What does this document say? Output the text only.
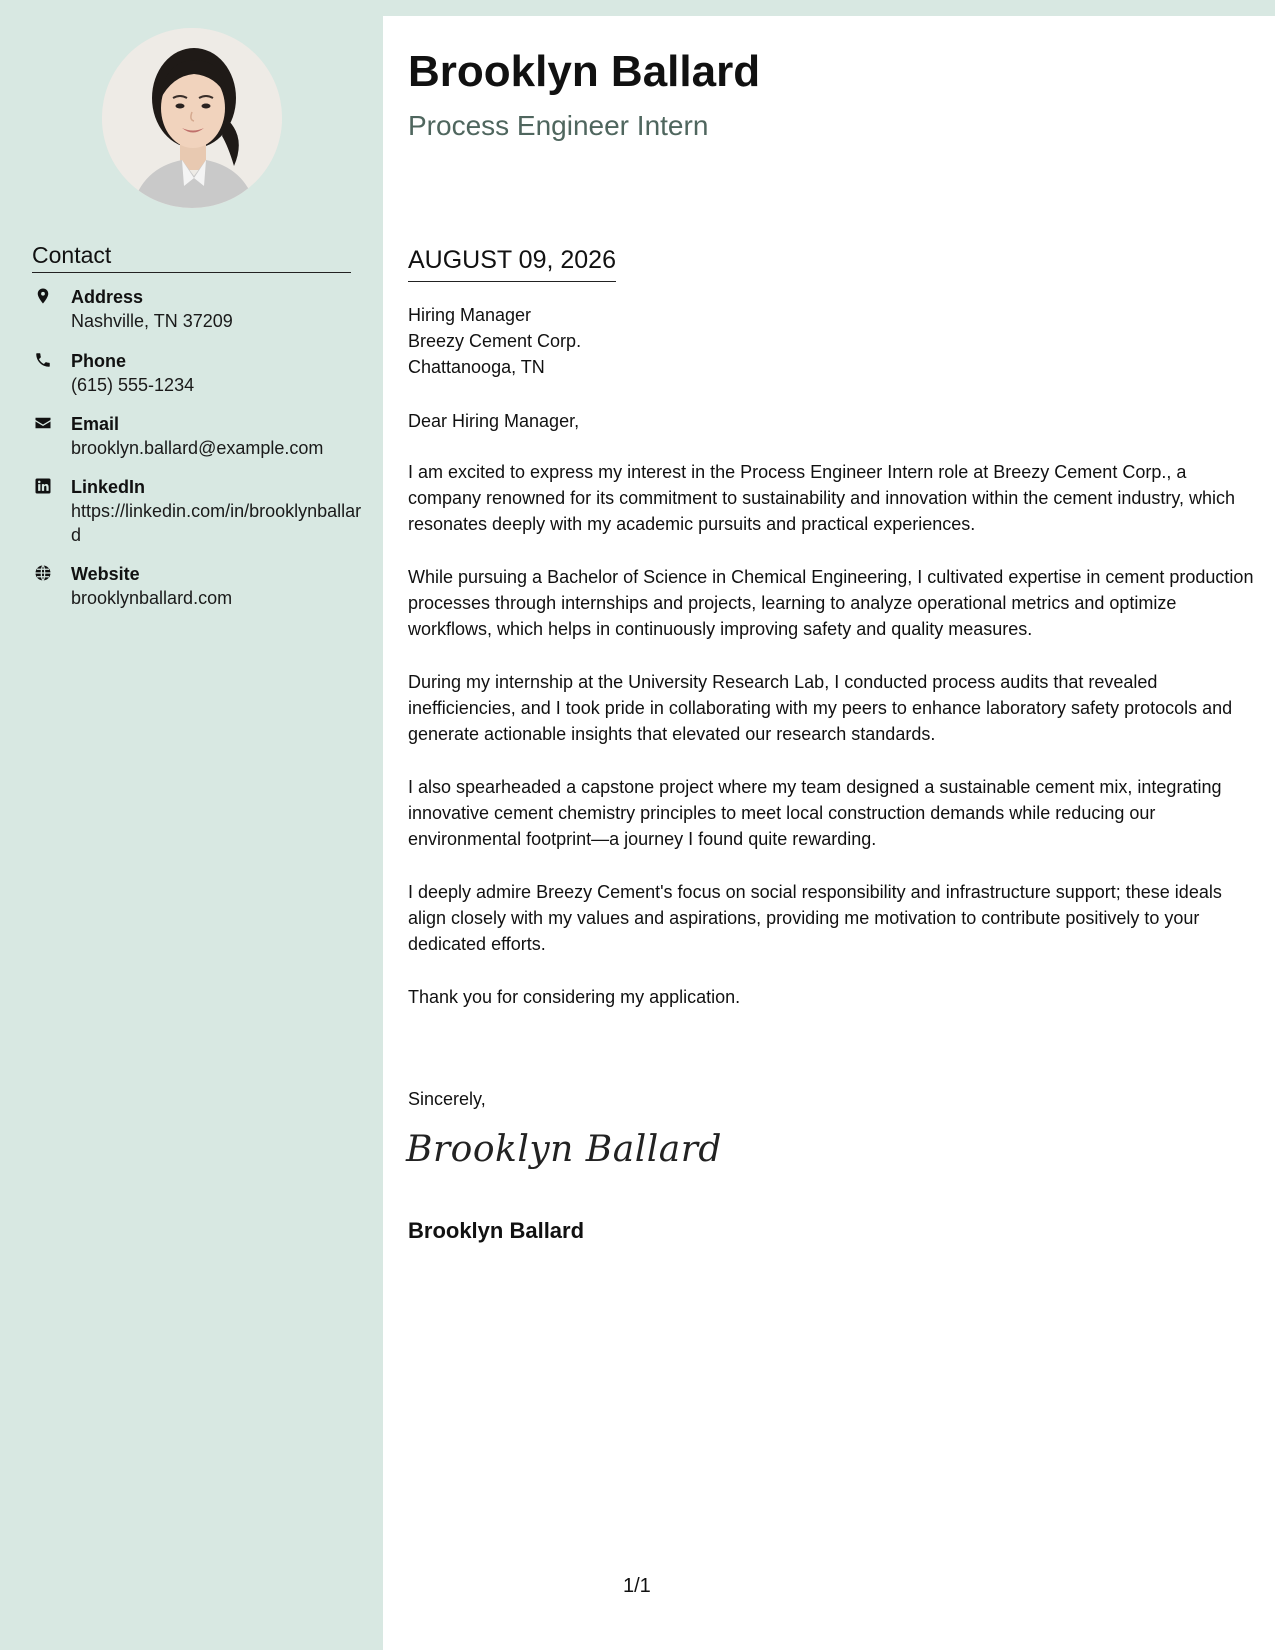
Contact
Address
Nashville, TN 37209
Phone
(615) 555-1234
Email
brooklyn.ballard@example.com
LinkedIn
https://linkedin.com/in/brooklynballard
Website
brooklynballard.com
Brooklyn Ballard
Process Engineer Intern
AUGUST 09, 2026
Hiring Manager
Breezy Cement Corp.
Chattanooga, TN

Dear Hiring Manager,

I am excited to express my interest in the Process Engineer Intern role at Breezy Cement Corp., a company renowned for its commitment to sustainability and innovation within the cement industry, which resonates deeply with my academic pursuits and practical experiences.

While pursuing a Bachelor of Science in Chemical Engineering, I cultivated expertise in cement production processes through internships and projects, learning to analyze operational metrics and optimize workflows, which helps in continuously improving safety and quality measures.

During my internship at the University Research Lab, I conducted process audits that revealed inefficiencies, and I took pride in collaborating with my peers to enhance laboratory safety protocols and generate actionable insights that elevated our research standards.

I also spearheaded a capstone project where my team designed a sustainable cement mix, integrating innovative cement chemistry principles to meet local construction demands while reducing our environmental footprint—a journey I found quite rewarding.

I deeply admire Breezy Cement's focus on social responsibility and infrastructure support; these ideals align closely with my values and aspirations, providing me motivation to contribute positively to your dedicated efforts.

Thank you for considering my application.

Sincerely,
Brooklyn Ballard
Brooklyn Ballard
1/1
